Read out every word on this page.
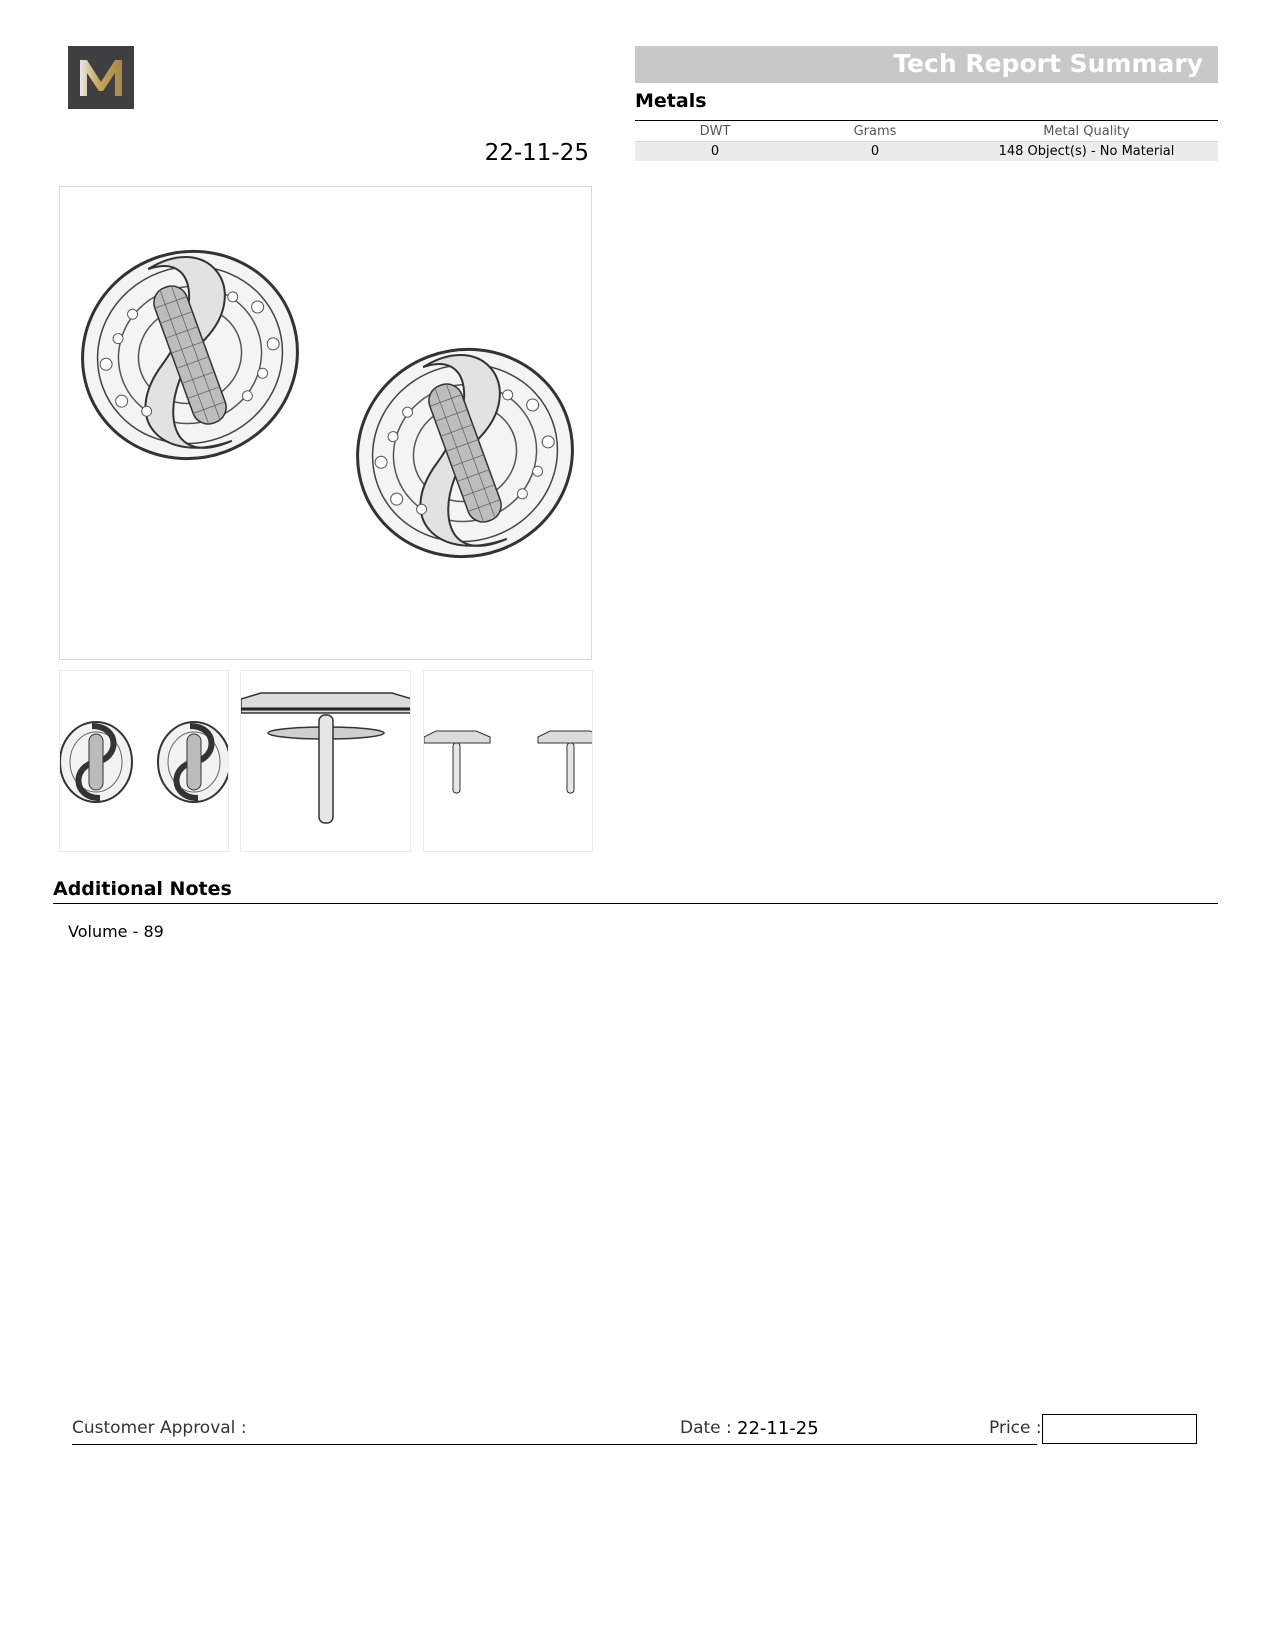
22-11-25
Tech Report Summary
Metals
DWT	Grams	Metal Quality
0	0	148 Object(s) - No Material
Additional Notes
Volume - 89
Customer Approval :	Date : 22-11-25	Price :
